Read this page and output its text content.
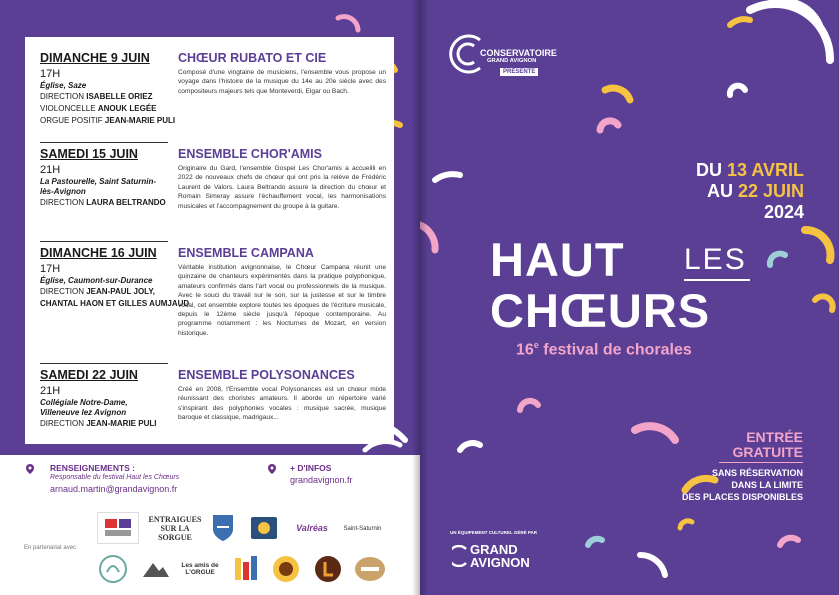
DIMANCHE 9 JUIN
17H
Église, Saze
DIRECTION ISABELLE ORIEZ
VIOLONCELLE ANOUK LEGÉE
ORGUE POSITIF JEAN-MARIE PULI
CHŒUR RUBATO ET CIE
Composé d'une vingtaine de musiciens, l'ensemble vous propose un voyage dans l'histoire de la musique du 14e au 20e siècle avec des compositeurs majeurs tels que Monteverdi, Elgar ou Bach.
SAMEDI 15 JUIN
21H
La Pastourelle, Saint Saturnin-lès-Avignon
DIRECTION LAURA BELTRANDO
ENSEMBLE CHOR'AMIS
Originaire du Gard, l'ensemble Gospel Les Chor'amis a accueilli en 2022 de nouveaux chefs de chœur qui ont pris la relève de Frédéric Laurent de Valors. Laura Beltrando assure la direction du chœur et Romain Simeray assure l'échauffement vocal, les harmonisations musicales et l'accompagnement du groupe à la guitare.
DIMANCHE 16 JUIN
17H
Église, Caumont-sur-Durance
DIRECTION JEAN-PAUL JOLY,
CHANTAL HAON ET GILLES AUMJAUD
ENSEMBLE CAMPANA
Véritable institution avignonnaise, le Chœur Campana réunit une quinzaine de chanteurs expérimentés dans la pratique polyphonique, amateurs confirmés dans l'art vocal ou professionnels de la musique. Avec le souci du travail sur le son, sur la justesse et sur le timbre vocal, cet ensemble explore toutes les époques de l'écriture musicale, depuis le 12ème siècle jusqu'à l'époque contemporaine. Au programme notamment : les Nocturnes de Mozart, en version historique.
SAMEDI 22 JUIN
21H
Collégiale Notre-Dame, Villeneuve lez Avignon
DIRECTION JEAN-MARIE PULI
ENSEMBLE POLYSONANCES
Créé en 2008, l'Ensemble vocal Polysonances est un chœur mixte réunissant des choristes amateurs. Il aborde un répertoire varié s'inspirant des polyphonies vocales : musique sacrée, musique baroque et classique, madrigaux...
RENSEIGNEMENTS :
Responsable du festival Haut les Chœurs
arnaud.martin@grandavignon.fr
+ D'INFOS
grandavignon.fr
En partenariat avec
ENTRAIGUES SUR LA SORGUE
Valréas	Saint-Saturnin
Les amis de L'ORGUE
CONSERVATOIRE
GRAND AVIGNON
PRÉSENTE
DU 13 AVRIL
AU 22 JUIN
2024
HAUT LES
CHŒURS
16e festival de chorales
ENTRÉE
GRATUITE
SANS RÉSERVATION
DANS LA LIMITE
DES PLACES DISPONIBLES
UN ÉQUIPEMENT CULTUREL GÉRÉ PAR
GRAND
AVIGNON
